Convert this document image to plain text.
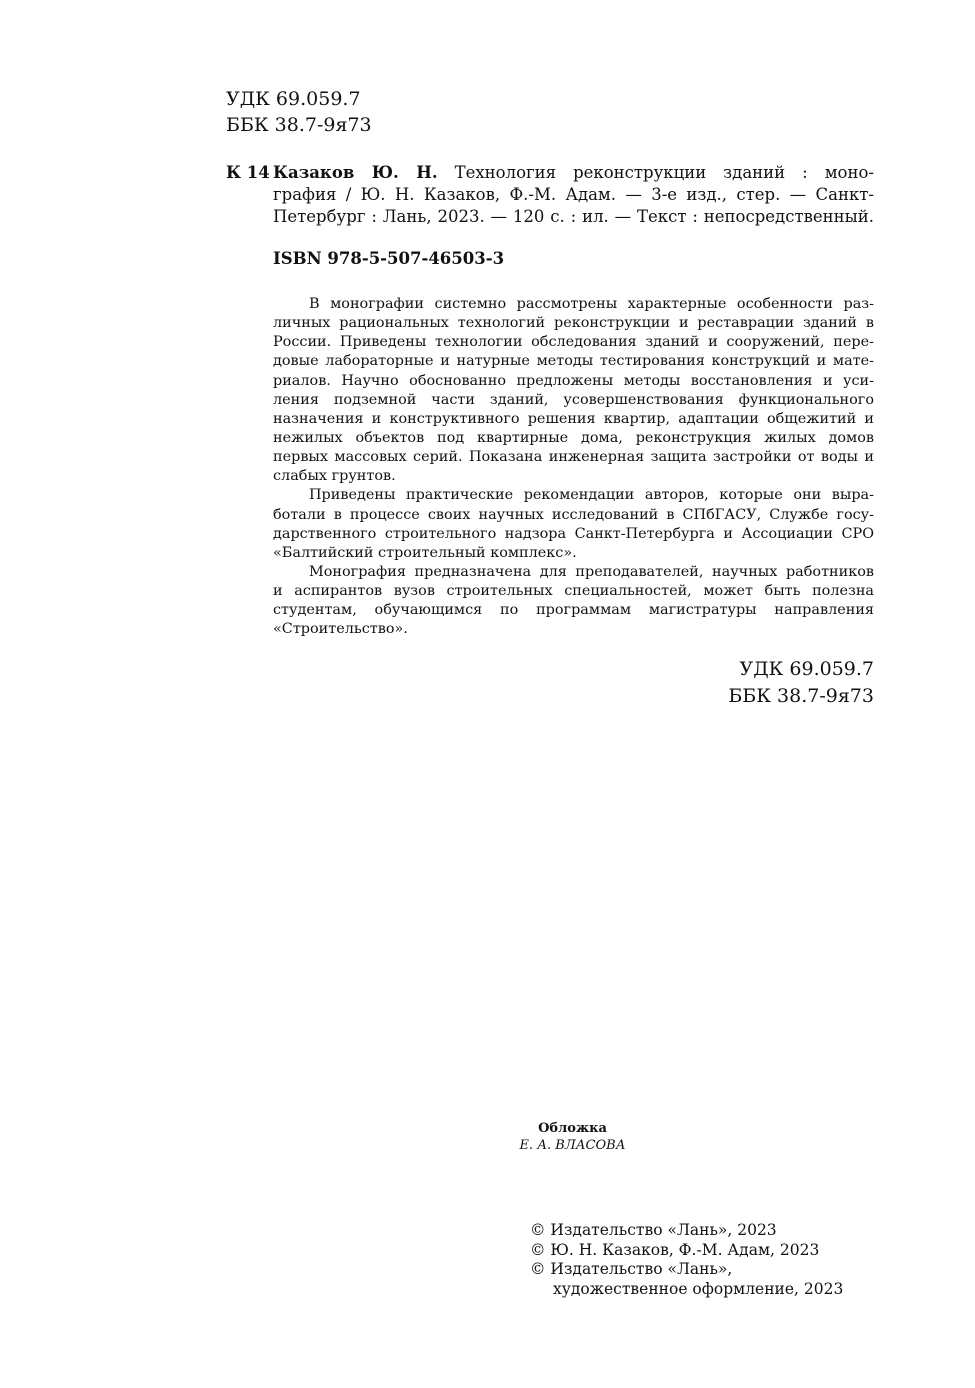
УДК 69.059.7
ББК 38.7-9я73
К 14 Казаков Ю. Н. Технология реконструкции зданий : моно-
графия / Ю. Н. Казаков, Ф.-М. Адам. — 3-е изд., стер. — Санкт-
Петербург : Лань, 2023. — 120 с. : ил. — Текст : непосредственный.
ISBN 978-5-507-46503-3
В монографии системно рассмотрены характерные особенности раз-
личных рациональных технологий реконструкции и реставрации зданий в
России. Приведены технологии обследования зданий и сооружений, пере-
довые лабораторные и натурные методы тестирования конструкций и мате-
риалов. Научно обоснованно предложены методы восстановления и уси-
ления подземной части зданий, усовершенствования функционального
назначения и конструктивного решения квартир, адаптации общежитий и
нежилых объектов под квартирные дома, реконструкция жилых домов
первых массовых серий. Показана инженерная защита застройки от воды и
слабых грунтов.
Приведены практические рекомендации авторов, которые они выра-
ботали в процессе своих научных исследований в СПбГАСУ, Службе госу-
дарственного строительного надзора Санкт-Петербурга и Ассоциации СРО
«Балтийский строительный комплекс».
Монография предназначена для преподавателей, научных работников
и аспирантов вузов строительных специальностей, может быть полезна
студентам, обучающимся по программам магистратуры направления
«Строительство».
УДК 69.059.7
ББК 38.7-9я73
Обложка
Е. А. ВЛАСОВА
© Издательство «Лань», 2023
© Ю. Н. Казаков, Ф.-М. Адам, 2023
© Издательство «Лань»,
художественное оформление, 2023
